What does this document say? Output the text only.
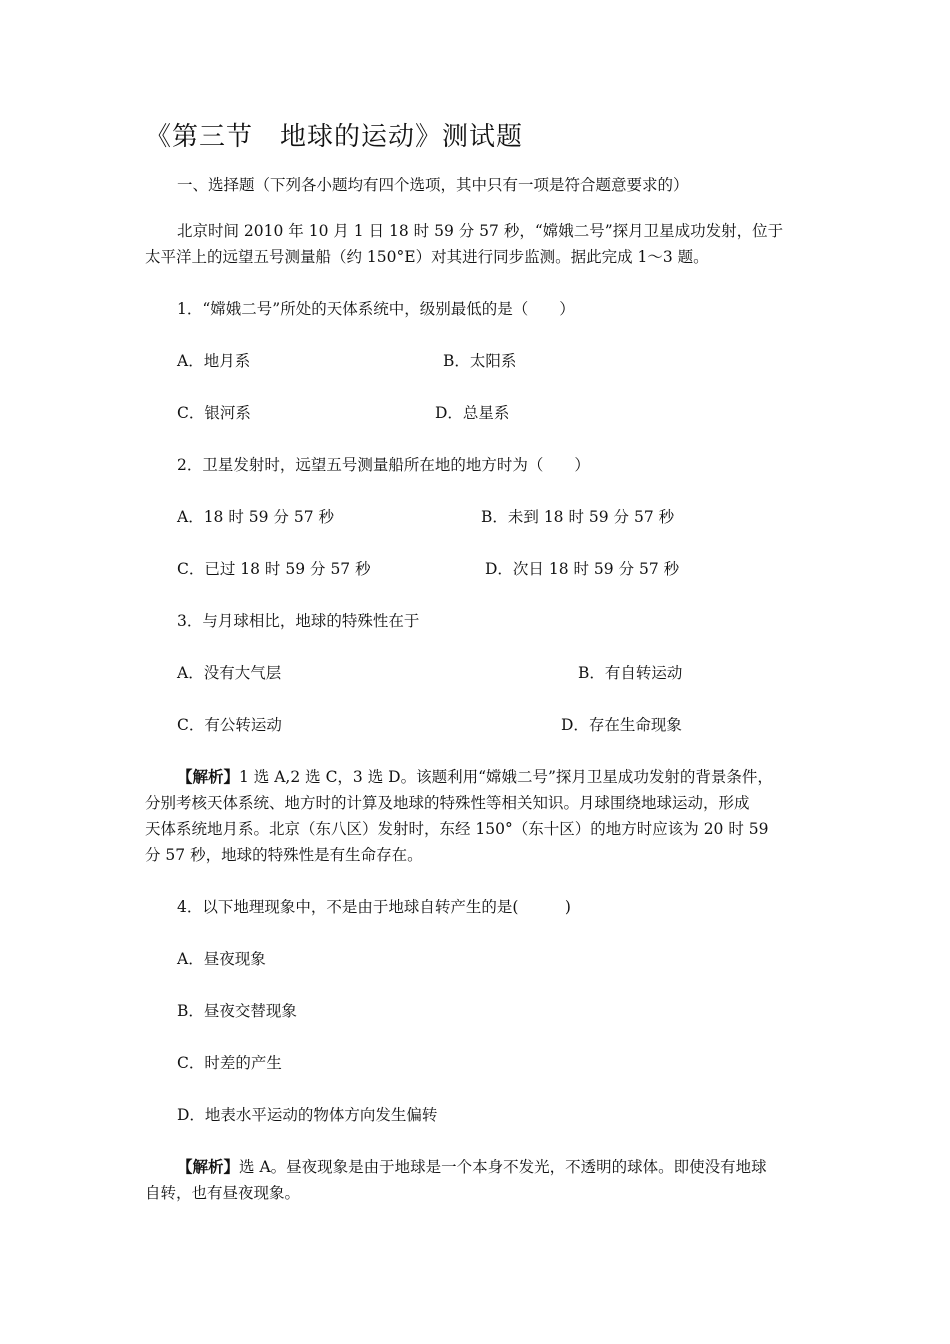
《第三节　地球的运动》测试题
一、选择题（下列各小题均有四个选项，其中只有一项是符合题意要求的）
北京时间 2010 年 10 月 1 日 18 时 59 分 57 秒，“嫦娥二号”探月卫星成功发射，位于
太平洋上的远望五号测量船（约 150°E）对其进行同步监测。据此完成 1～3 题。
1．“嫦娥二号”所处的天体系统中，级别最低的是（　　）
A．地月系	B．太阳系
C．银河系	D．总星系
2．卫星发射时，远望五号测量船所在地的地方时为（　　）
A．18 时 59 分 57 秒	B．未到 18 时 59 分 57 秒
C．已过 18 时 59 分 57 秒	D．次日 18 时 59 分 57 秒
3．与月球相比，地球的特殊性在于
A．没有大气层	B．有自转运动
C．有公转运动	D．存在生命现象
【解析】1 选 A,2 选 C，3 选 D。该题利用“嫦娥二号”探月卫星成功发射的背景条件，
分别考核天体系统、地方时的计算及地球的特殊性等相关知识。月球围绕地球运动，形成
天体系统地月系。北京（东八区）发射时，东经 150°（东十区）的地方时应该为 20 时 59
分 57 秒，地球的特殊性是有生命存在。
4．以下地理现象中，不是由于地球自转产生的是(　　　)
A．昼夜现象
B．昼夜交替现象
C．时差的产生
D．地表水平运动的物体方向发生偏转
【解析】选 A。昼夜现象是由于地球是一个本身不发光，不透明的球体。即使没有地球
自转，也有昼夜现象。
